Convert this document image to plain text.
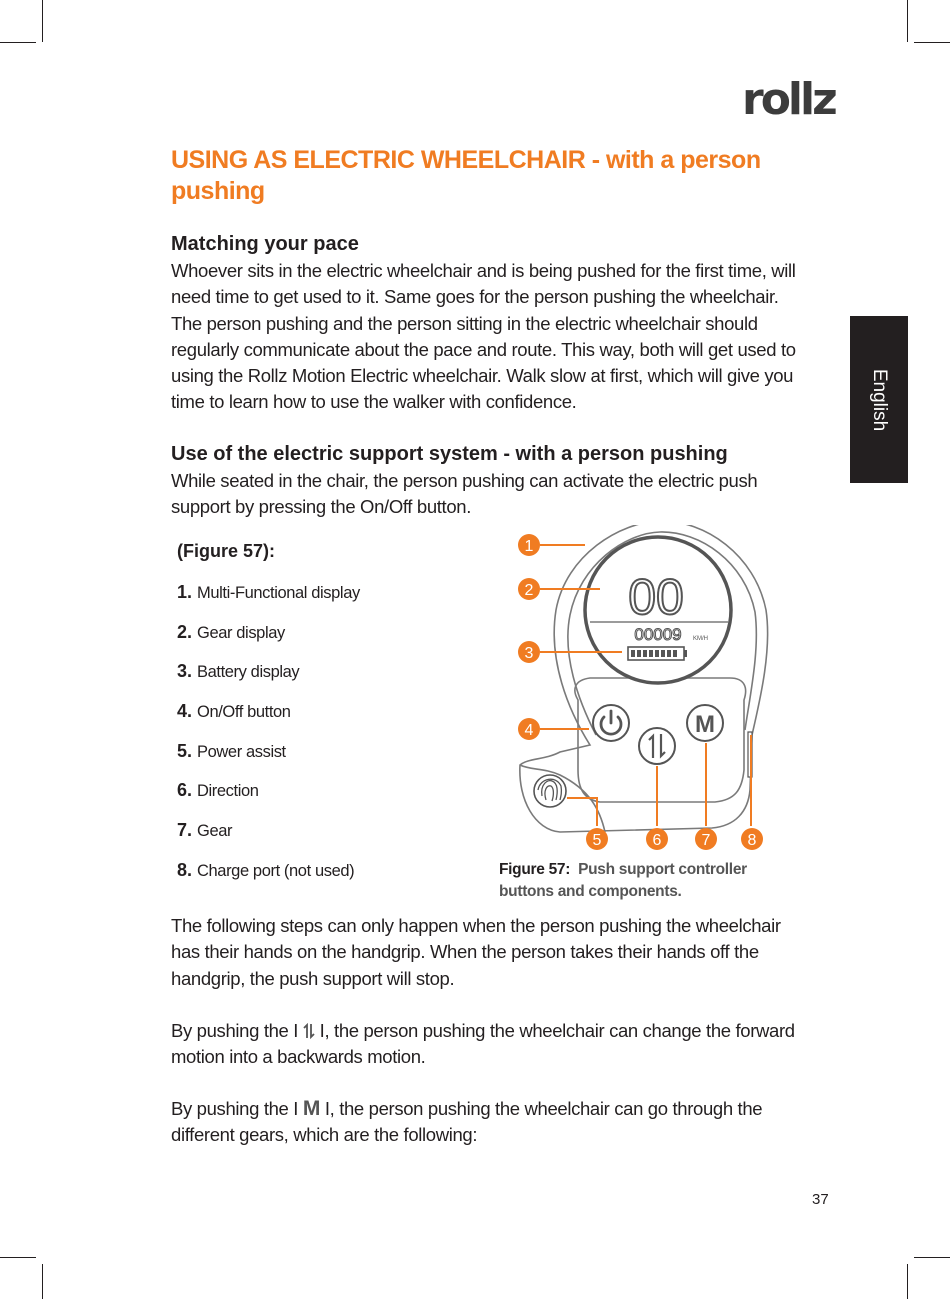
rollz
English
USING AS ELECTRIC WHEELCHAIR - with a person pushing
Matching your pace

Whoever sits in the electric wheelchair and is being pushed for the first time, will need time to get used to it. Same goes for the person pushing the wheelchair. The person pushing and the person sitting in the electric wheelchair should regularly communicate about the pace and route. This way, both will get used to using the Rollz Motion Electric wheelchair. Walk slow at first, which will give you time to learn how to use the walker with confidence.

Use of the electric support system - with a person pushing

While seated in the chair, the person pushing can activate the electric push support by pressing the On/Off button.

(Figure 57):
1. Multi-Functional display
2. Gear display
3. Battery display
4. On/Off button
5. Power assist
6. Direction
7. Gear
8. Charge port (not used)
00
00009 KM/H
M
1
2
3
4
5	6	7 8
Figure 57: Push support controller buttons and components.

The following steps can only happen when the person pushing the wheelchair has their hands on the handgrip. When the person takes their hands off the handgrip, the push support will stop.

By pushing the I  I, the person pushing the wheelchair can change the forward motion into a backwards motion.

By pushing the I M I, the person pushing the wheelchair can go through the different gears, which are the following:

37
